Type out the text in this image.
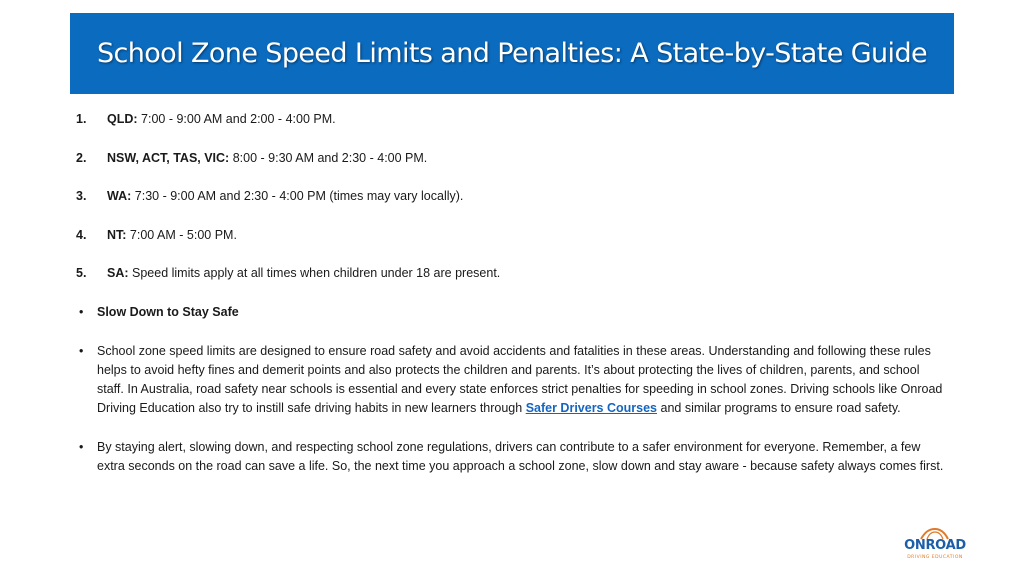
School Zone Speed Limits and Penalties: A State-by-State Guide
1.	QLD: 7:00 - 9:00 AM and 2:00 - 4:00 PM.
2.	NSW, ACT, TAS, VIC: 8:00 - 9:30 AM and 2:30 - 4:00 PM.
3.	WA: 7:30 - 9:00 AM and 2:30 - 4:00 PM (times may vary locally).
4.	NT: 7:00 AM - 5:00 PM.
5.	SA: Speed limits apply at all times when children under 18 are present.
•	Slow Down to Stay Safe
•	School zone speed limits are designed to ensure road safety and avoid accidents and fatalities in these areas. Understanding and following these rules helps to avoid hefty fines and demerit points and also protects the children and parents. It’s about protecting the lives of children, parents, and school staff. In Australia, road safety near schools is essential and every state enforces strict penalties for speeding in school zones. Driving schools like Onroad Driving Education also try to instill safe driving habits in new learners through Safer Drivers Courses and similar programs to ensure road safety.
•	By staying alert, slowing down, and respecting school zone regulations, drivers can contribute to a safer environment for everyone. Remember, a few extra seconds on the road can save a life. So, the next time you approach a school zone, slow down and stay aware - because safety always comes first.
ONROAD
DRIVING EDUCATION
